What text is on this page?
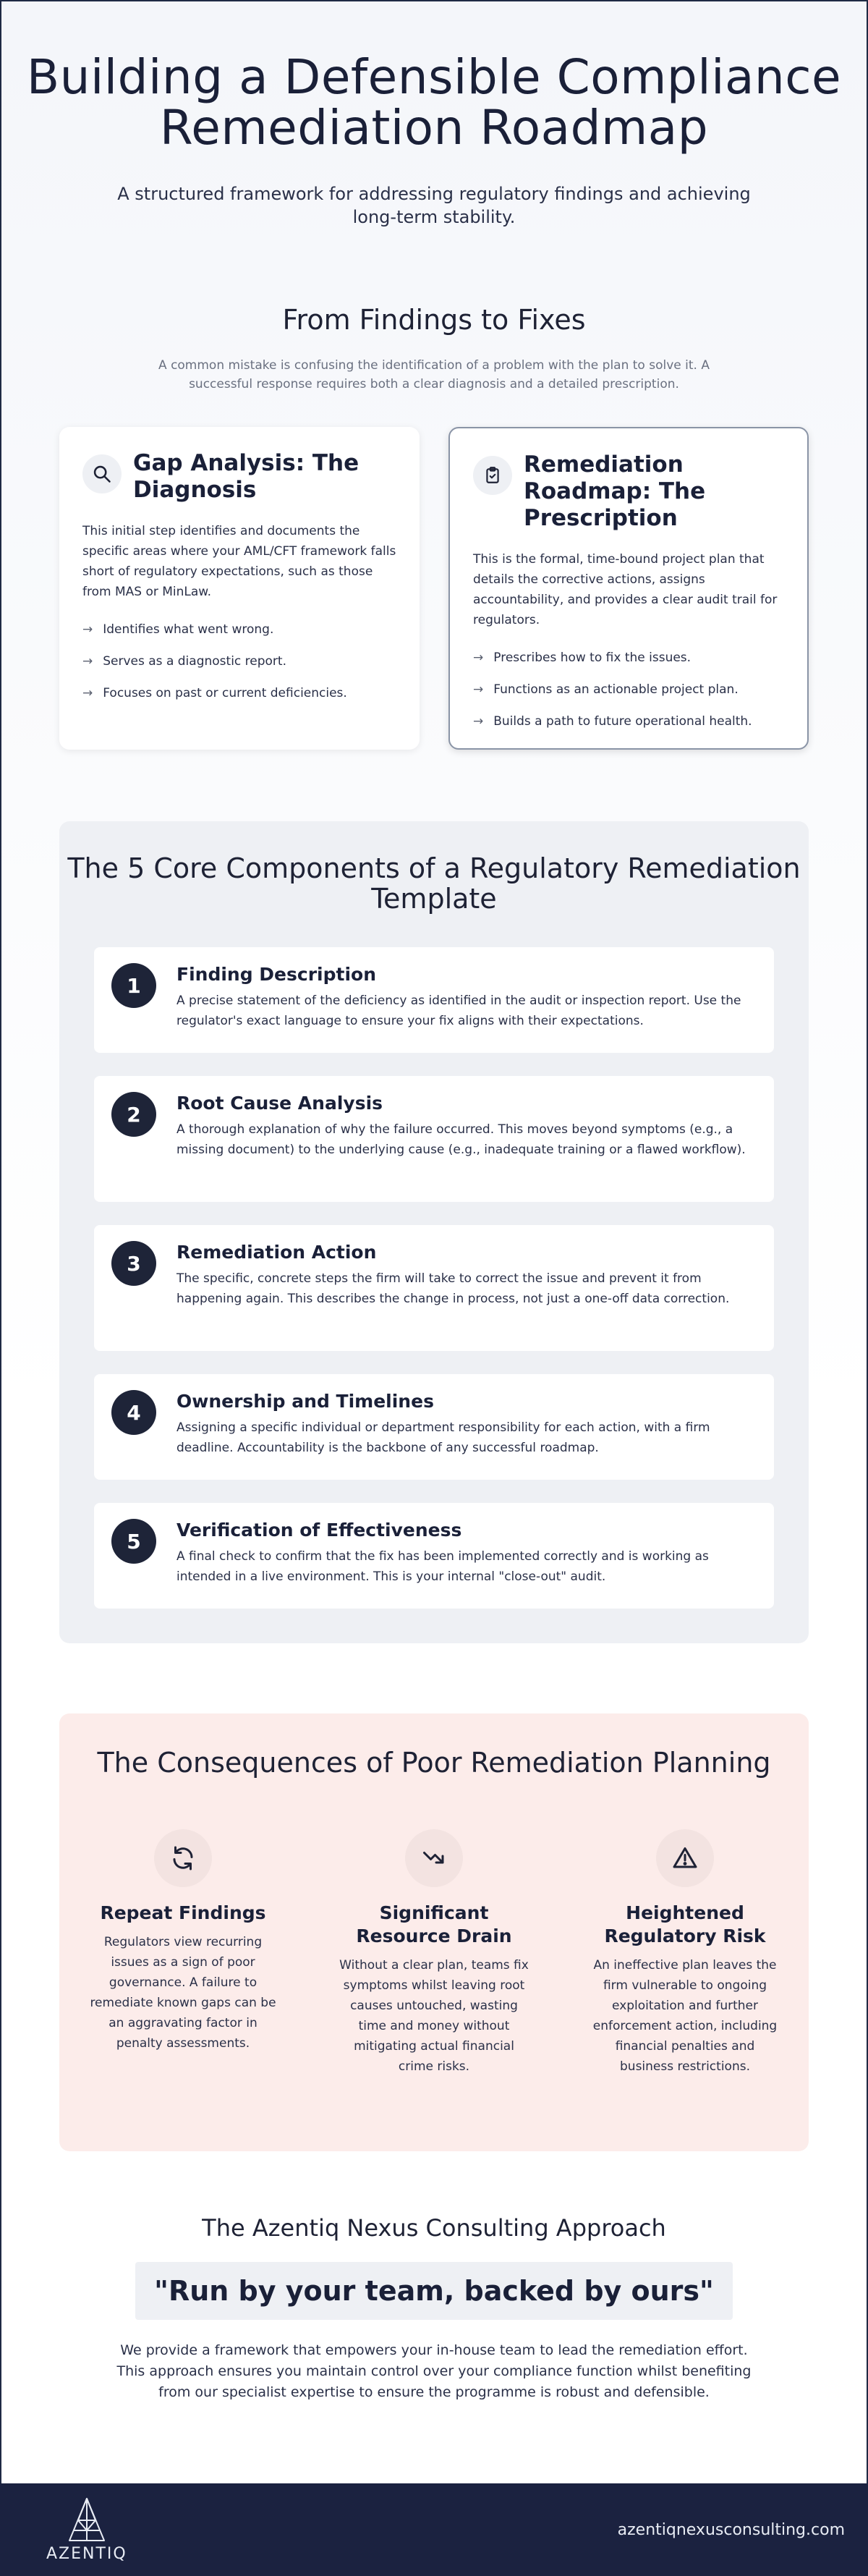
Building a Defensible Compliance
Remediation Roadmap

A structured framework for addressing regulatory findings and achieving long-term stability.

From Findings to Fixes

A common mistake is confusing the identification of a problem with the plan to solve it. A successful response requires both a clear diagnosis and a detailed prescription.

Gap Analysis: The Diagnosis

This initial step identifies and documents the specific areas where your AML/CFT framework falls short of regulatory expectations, such as those from MAS or MinLaw.

→ Identifies what went wrong.
→ Serves as a diagnostic report.
→ Focuses on past or current deficiencies.
Remediation Roadmap: The Prescription

This is the formal, time-bound project plan that details the corrective actions, assigns accountability, and provides a clear audit trail for regulators.

→ Prescribes how to fix the issues.
→ Functions as an actionable project plan.
→ Builds a path to future operational health.
The 5 Core Components of a Regulatory Remediation Template
1	Finding Description

A precise statement of the deficiency as identified in the audit or inspection report. Use the regulator's exact language to ensure your fix aligns with their expectations.

2	Root Cause Analysis

A thorough explanation of why the failure occurred. This moves beyond symptoms (e.g., a missing document) to the underlying cause (e.g., inadequate training or a flawed workflow).

3	Remediation Action

The specific, concrete steps the firm will take to correct the issue and prevent it from happening again. This describes the change in process, not just a one-off data correction.

4	Ownership and Timelines

Assigning a specific individual or department responsibility for each action, with a firm deadline. Accountability is the backbone of any successful roadmap.

5	Verification of Effectiveness

A final check to confirm that the fix has been implemented correctly and is working as intended in a live environment. This is your internal "close-out" audit.

The Consequences of Poor Remediation Planning
Repeat Findings

Regulators view recurring issues as a sign of poor governance. A failure to remediate known gaps can be an aggravating factor in penalty assessments.

Significant Resource Drain

Without a clear plan, teams fix symptoms whilst leaving root causes untouched, wasting time and money without mitigating actual financial crime risks.

Heightened Regulatory Risk

An ineffective plan leaves the firm vulnerable to ongoing exploitation and further enforcement action, including financial penalties and business restrictions.

The Azentiq Nexus Consulting Approach
"Run by your team, backed by ours"

We provide a framework that empowers your in-house team to lead the remediation effort. This approach ensures you maintain control over your compliance function whilst benefiting from our specialist expertise to ensure the programme is robust and defensible.

AZENTIQ
azentiqnexusconsulting.com
